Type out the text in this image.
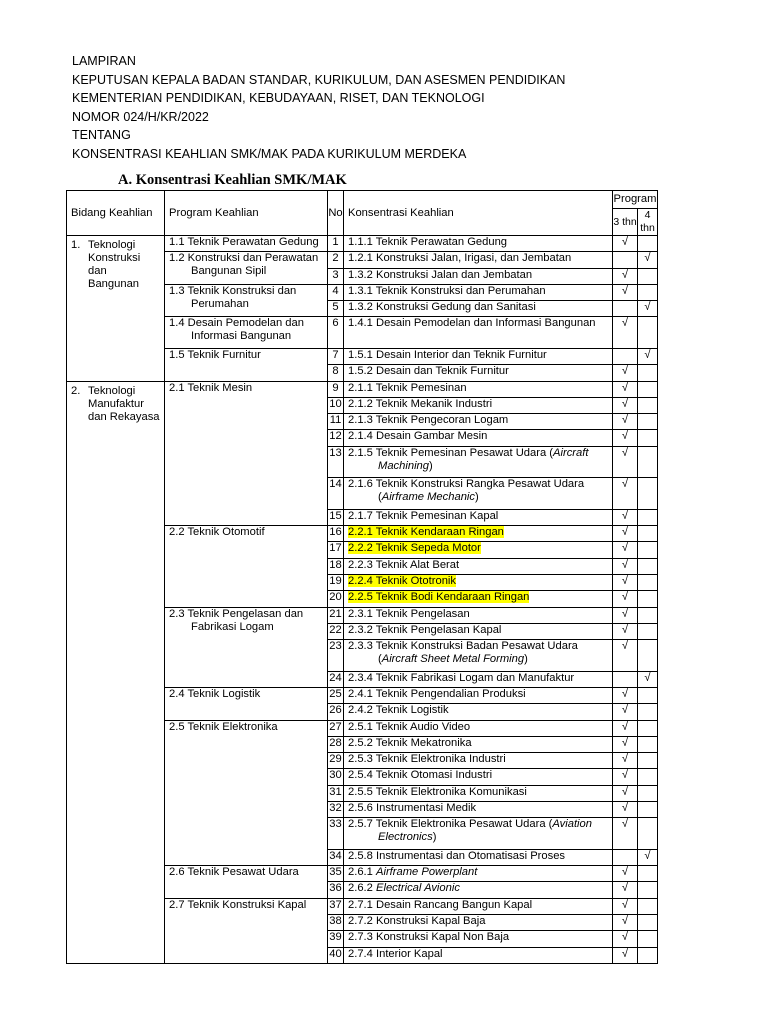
LAMPIRAN
KEPUTUSAN KEPALA BADAN STANDAR, KURIKULUM, DAN ASESMEN PENDIDIKAN
KEMENTERIAN PENDIDIKAN, KEBUDAYAAN, RISET, DAN TEKNOLOGI
NOMOR 024/H/KR/2022
TENTANG
KONSENTRASI KEAHLIAN SMK/MAK PADA KURIKULUM MERDEKA
A. Konsentrasi Keahlian SMK/MAK
Bidang Keahlian	Program Keahlian	No	Konsentrasi Keahlian	Program	
				3 thn	4 thn

1. Teknologi Konstruksi dan Bangunan	1.1 Teknik Perawatan Gedung	1	1.1.1 Teknik Perawatan Gedung	√	

	1.2 Konstruksi dan Perawatan Bangunan Sipil	2	1.2.1 Konstruksi Jalan, Irigasi, dan Jembatan		√
		3	1.3.2 Konstruksi Jalan dan Jembatan	√	

	1.3 Teknik Konstruksi dan Perumahan	4	1.3.1 Teknik Konstruksi dan Perumahan	√	
		5	1.3.2 Konstruksi Gedung dan Sanitasi		√

	1.4 Desain Pemodelan dan Informasi Bangunan	6	1.4.1 Desain Pemodelan dan Informasi Bangunan	√	

	1.5 Teknik Furnitur	7	1.5.1 Desain Interior dan Teknik Furnitur		√
		8	1.5.2 Desain dan Teknik Furnitur	√	

2. Teknologi Manufaktur dan Rekayasa	2.1 Teknik Mesin	9	2.1.1 Teknik Pemesinan	√	
		10	2.1.2 Teknik Mekanik Industri	√	
		11	2.1.3 Teknik Pengecoran Logam	√	
		12	2.1.4 Desain Gambar Mesin	√	
		13	2.1.5 Teknik Pemesinan Pesawat Udara (Aircraft
Machining)	√	
		14	2.1.6 Teknik Konstruksi Rangka Pesawat Udara
(Airframe Mechanic)	√	
		15	2.1.7 Teknik Pemesinan Kapal	√	

	2.2 Teknik Otomotif	16	2.2.1 Teknik Kendaraan Ringan	√	
		17	2.2.2 Teknik Sepeda Motor	√	
		18	2.2.3 Teknik Alat Berat	√	
		19	2.2.4 Teknik Ototronik	√	
		20	2.2.5 Teknik Bodi Kendaraan Ringan	√	

	2.3 Teknik Pengelasan dan Fabrikasi Logam	21	2.3.1 Teknik Pengelasan	√	
		22	2.3.2 Teknik Pengelasan Kapal	√	
		23	2.3.3 Teknik Konstruksi Badan Pesawat Udara
(Aircraft Sheet Metal Forming)	√	
		24	2.3.4 Teknik Fabrikasi Logam dan Manufaktur		√

	2.4 Teknik Logistik	25	2.4.1 Teknik Pengendalian Produksi	√	
		26	2.4.2 Teknik Logistik	√	

	2.5 Teknik Elektronika	27	2.5.1 Teknik Audio Video	√	
		28	2.5.2 Teknik Mekatronika	√	
		29	2.5.3 Teknik Elektronika Industri	√	
		30	2.5.4 Teknik Otomasi Industri	√	
		31	2.5.5 Teknik Elektronika Komunikasi	√	
		32	2.5.6 Instrumentasi Medik	√	
		33	2.5.7 Teknik Elektronika Pesawat Udara (Aviation
Electronics)	√	
		34	2.5.8 Instrumentasi dan Otomatisasi Proses		√

	2.6 Teknik Pesawat Udara	35	2.6.1 Airframe Powerplant	√	
		36	2.6.2 Electrical Avionic	√	

	2.7 Teknik Konstruksi Kapal	37	2.7.1 Desain Rancang Bangun Kapal	√	
		38	2.7.2 Konstruksi Kapal Baja	√	
		39	2.7.3 Konstruksi Kapal Non Baja	√	
		40	2.7.4 Interior Kapal	√	
